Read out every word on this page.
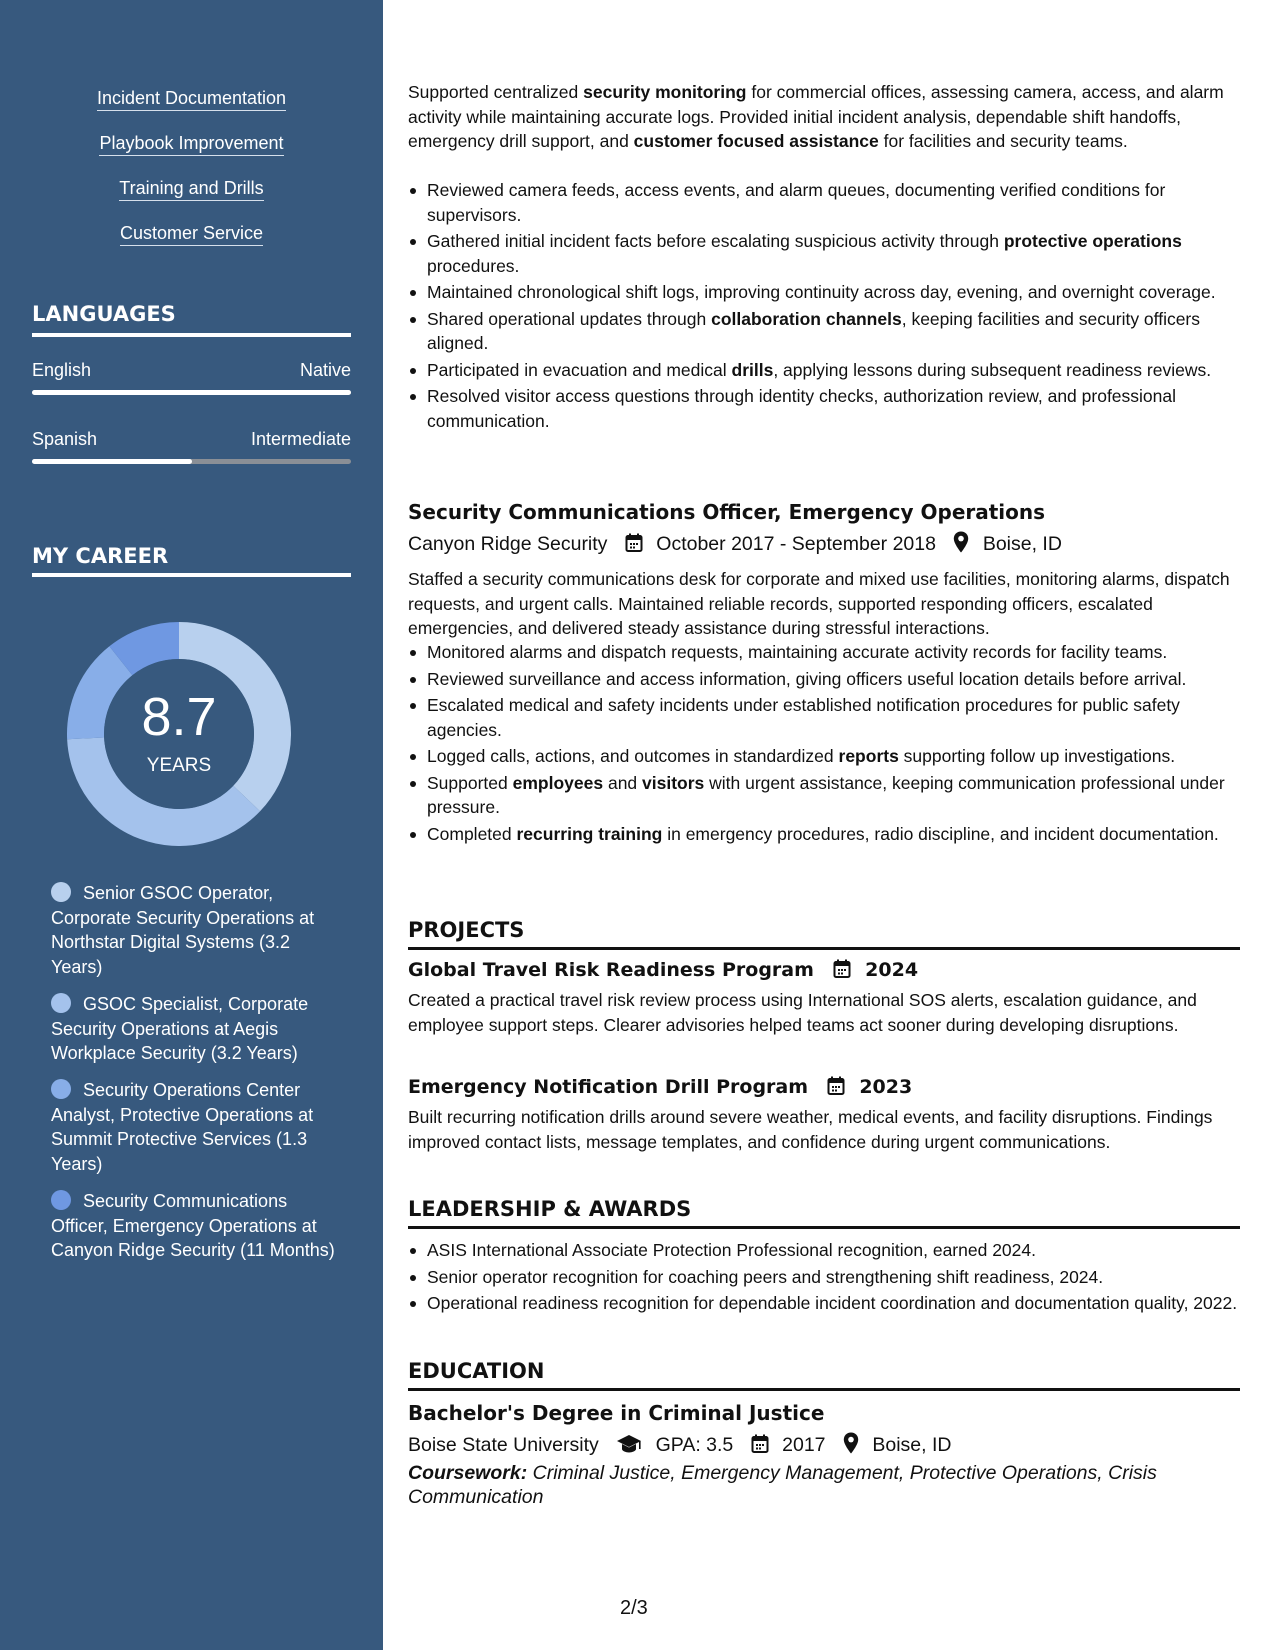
Incident Documentation
Playbook Improvement
Training and Drills
Customer Service
LANGUAGES
English	Native
Spanish	Intermediate
MY CAREER
8.7
YEARS
Senior GSOC Operator, Corporate Security Operations at Northstar Digital Systems (3.2 Years)
GSOC Specialist, Corporate Security Operations at Aegis Workplace Security (3.2 Years)
Security Operations Center Analyst, Protective Operations at Summit Protective Services (1.3 Years)
Security Communications Officer, Emergency Operations at Canyon Ridge Security (11 Months)
Supported centralized security monitoring for commercial offices, assessing camera, access, and alarm activity while maintaining accurate logs. Provided initial incident analysis, dependable shift handoffs, emergency drill support, and customer focused assistance for facilities and security teams.
Reviewed camera feeds, access events, and alarm queues, documenting verified conditions for supervisors.
Gathered initial incident facts before escalating suspicious activity through protective operations procedures.
Maintained chronological shift logs, improving continuity across day, evening, and overnight coverage.
Shared operational updates through collaboration channels, keeping facilities and security officers aligned.
Participated in evacuation and medical drills, applying lessons during subsequent readiness reviews.
Resolved visitor access questions through identity checks, authorization review, and professional communication.
Security Communications Officer, Emergency Operations
Canyon Ridge Security	October 2017 - September 2018 Boise, ID
Staffed a security communications desk for corporate and mixed use facilities, monitoring alarms, dispatch requests, and urgent calls. Maintained reliable records, supported responding officers, escalated emergencies, and delivered steady assistance during stressful interactions.
Monitored alarms and dispatch requests, maintaining accurate activity records for facility teams.
Reviewed surveillance and access information, giving officers useful location details before arrival.
Escalated medical and safety incidents under established notification procedures for public safety agencies.
Logged calls, actions, and outcomes in standardized reports supporting follow up investigations.
Supported employees and visitors with urgent assistance, keeping communication professional under pressure.
Completed recurring training in emergency procedures, radio discipline, and incident documentation.
PROJECTS
Global Travel Risk Readiness Program	2024
Created a practical travel risk review process using International SOS alerts, escalation guidance, and employee support steps. Clearer advisories helped teams act sooner during developing disruptions.
Emergency Notification Drill Program	2023
Built recurring notification drills around severe weather, medical events, and facility disruptions. Findings improved contact lists, message templates, and confidence during urgent communications.
LEADERSHIP & AWARDS
ASIS International Associate Protection Professional recognition, earned 2024.
Senior operator recognition for coaching peers and strengthening shift readiness, 2024.
Operational readiness recognition for dependable incident coordination and documentation quality, 2022.
EDUCATION
Bachelor's Degree in Criminal Justice
Boise State University	GPA: 3.5	2017 Boise, ID
Coursework: Criminal Justice, Emergency Management, Protective Operations, Crisis Communication
2/3
